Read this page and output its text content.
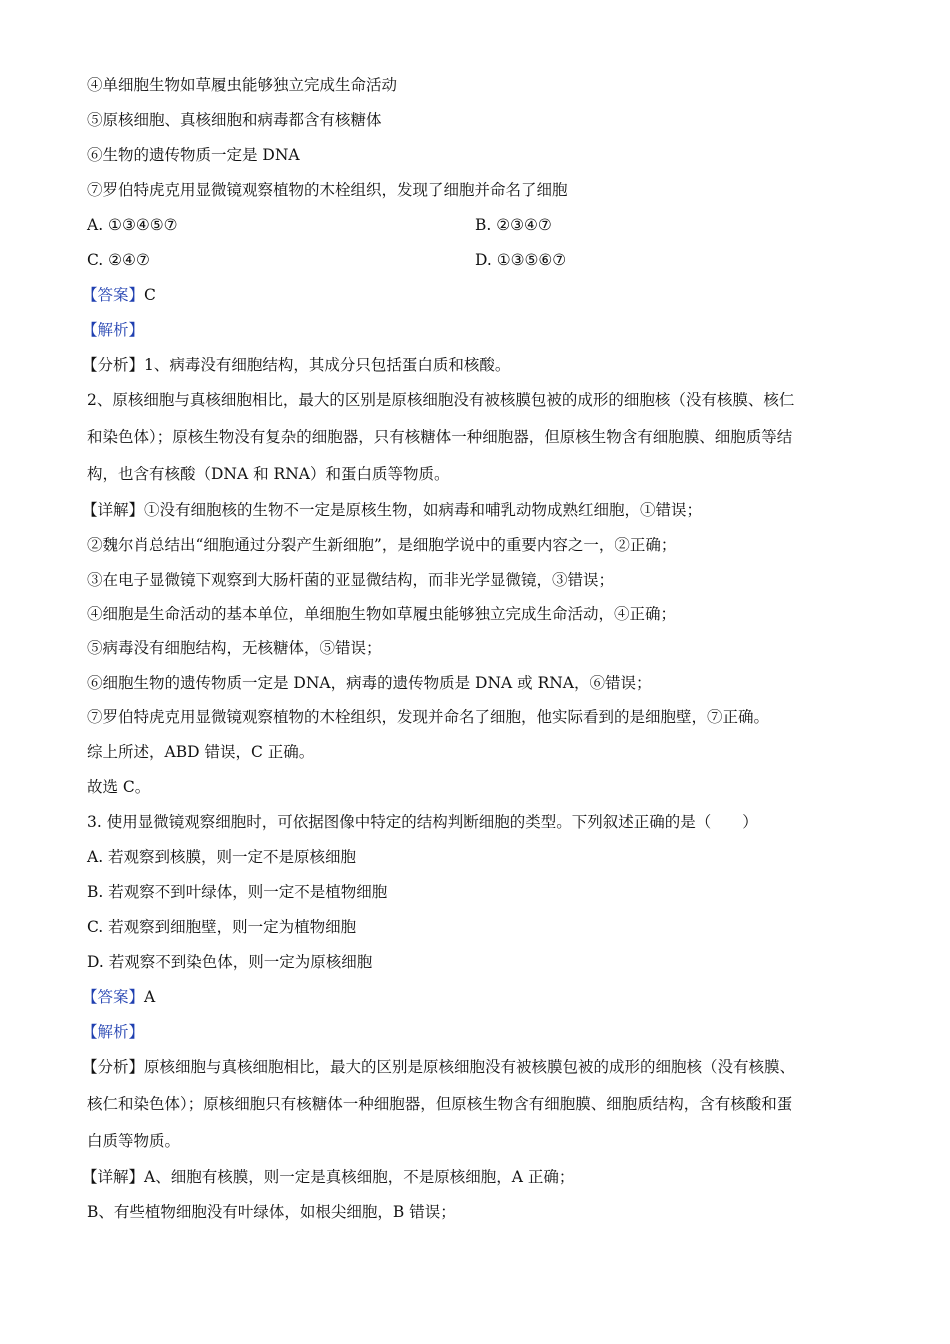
④单细胞生物如草履虫能够独立完成生命活动
⑤原核细胞、真核细胞和病毒都含有核糖体
⑥生物的遗传物质一定是 DNA
⑦罗伯特虎克用显微镜观察植物的木栓组织，发现了细胞并命名了细胞
A. ①③④⑤⑦	B. ②③④⑦
C. ②④⑦	D. ①③⑤⑥⑦
【答案】C
【解析】
【分析】1、病毒没有细胞结构，其成分只包括蛋白质和核酸。
2、原核细胞与真核细胞相比，最大的区别是原核细胞没有被核膜包被的成形的细胞核（没有核膜、核仁
和染色体）；原核生物没有复杂的细胞器，只有核糖体一种细胞器，但原核生物含有细胞膜、细胞质等结
构，也含有核酸（DNA 和 RNA）和蛋白质等物质。
【详解】①没有细胞核的生物不一定是原核生物，如病毒和哺乳动物成熟红细胞，①错误；
②魏尔肖总结出“细胞通过分裂产生新细胞”，是细胞学说中的重要内容之一，②正确；
③在电子显微镜下观察到大肠杆菌的亚显微结构，而非光学显微镜，③错误；
④细胞是生命活动的基本单位，单细胞生物如草履虫能够独立完成生命活动，④正确；
⑤病毒没有细胞结构，无核糖体，⑤错误；
⑥细胞生物的遗传物质一定是 DNA，病毒的遗传物质是 DNA 或 RNA，⑥错误；
⑦罗伯特虎克用显微镜观察植物的木栓组织，发现并命名了细胞，他实际看到的是细胞壁，⑦正确。
综上所述，ABD 错误，C 正确。
故选 C。
3. 使用显微镜观察细胞时，可依据图像中特定的结构判断细胞的类型。下列叙述正确的是（　　）
A. 若观察到核膜，则一定不是原核细胞
B. 若观察不到叶绿体，则一定不是植物细胞
C. 若观察到细胞壁，则一定为植物细胞
D. 若观察不到染色体，则一定为原核细胞
【答案】A
【解析】
【分析】原核细胞与真核细胞相比，最大的区别是原核细胞没有被核膜包被的成形的细胞核（没有核膜、
核仁和染色体）；原核细胞只有核糖体一种细胞器，但原核生物含有细胞膜、细胞质结构，含有核酸和蛋
白质等物质。
【详解】A、细胞有核膜，则一定是真核细胞，不是原核细胞，A 正确；
B、有些植物细胞没有叶绿体，如根尖细胞，B 错误；
